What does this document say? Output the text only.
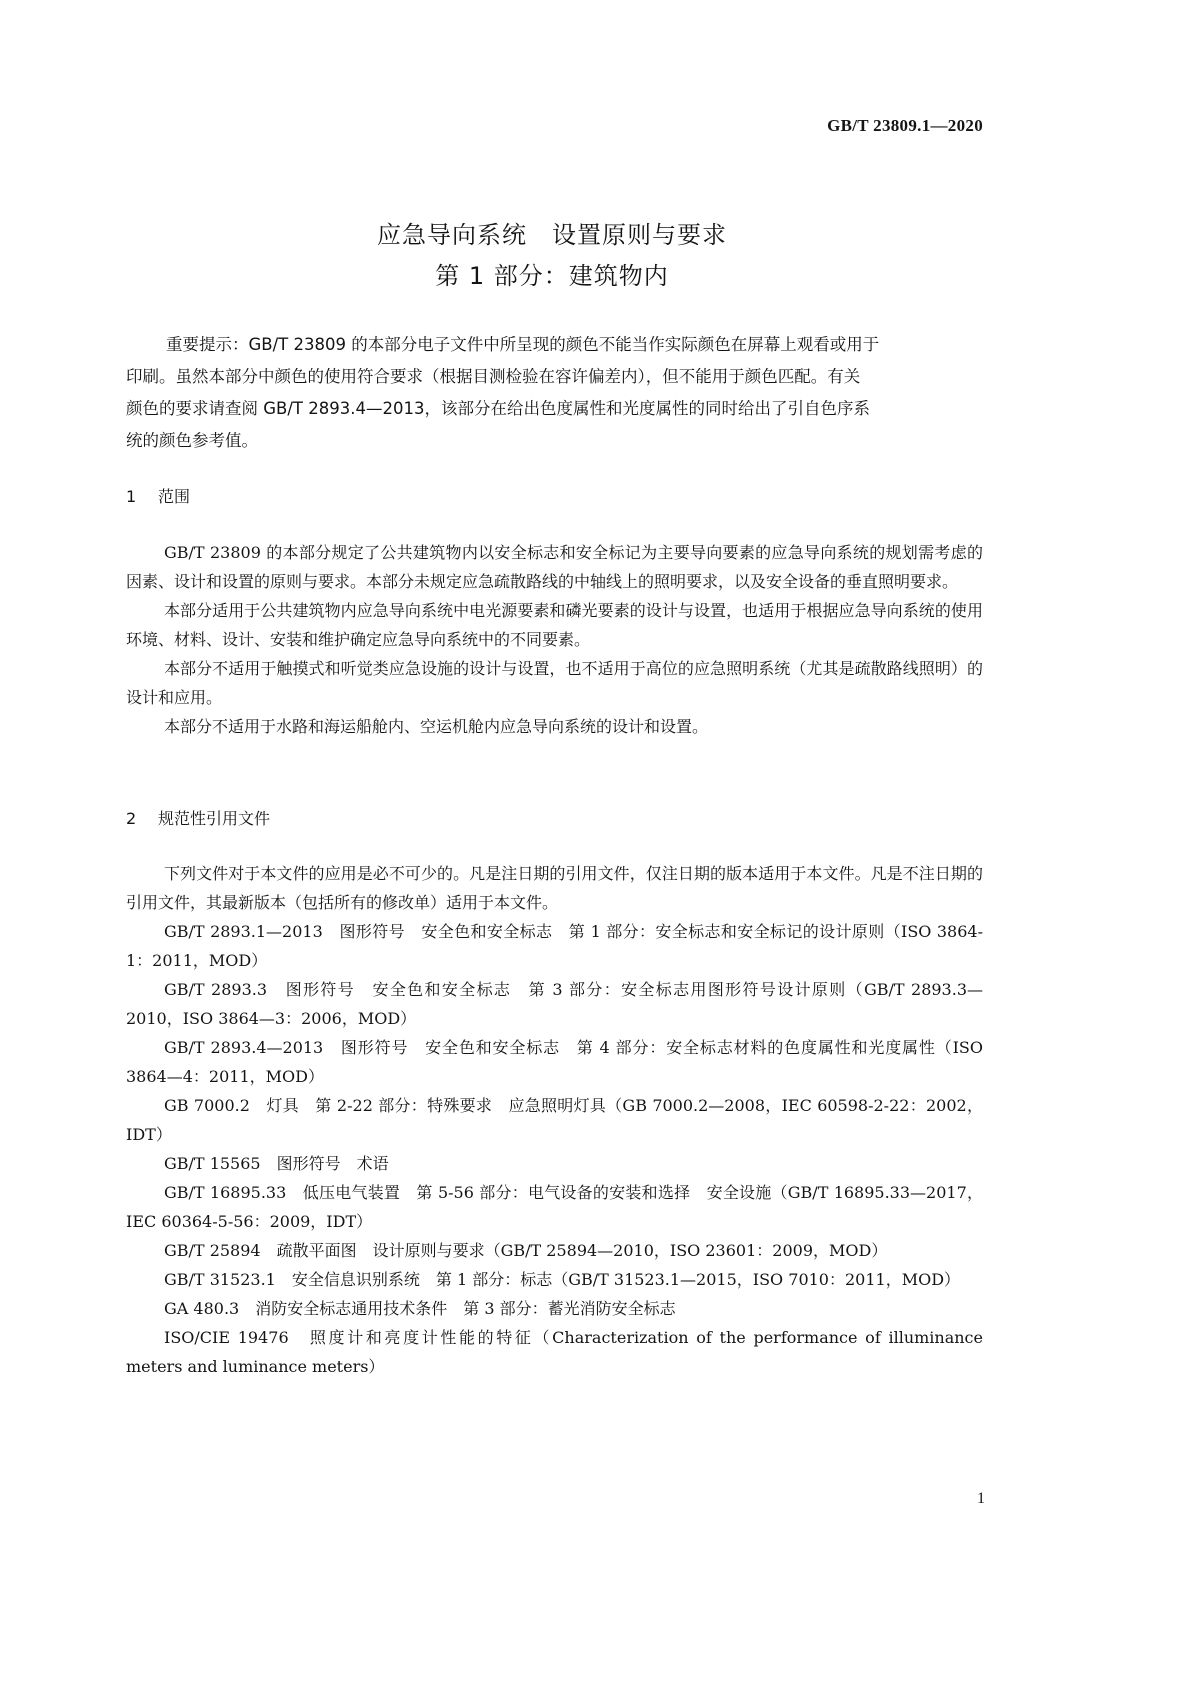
GB/T 23809.1—2020
应急导向系统　设置原则与要求
第 1 部分：建筑物内
重要提示：GB/T 23809 的本部分电子文件中所呈现的颜色不能当作实际颜色在屏幕上观看或用于
印刷。虽然本部分中颜色的使用符合要求（根据目测检验在容许偏差内），但不能用于颜色匹配。有关
颜色的要求请查阅 GB/T 2893.4—2013，该部分在给出色度属性和光度属性的同时给出了引自色序系
统的颜色参考值。
1 范围

GB/T 23809 的本部分规定了公共建筑物内以安全标志和安全标记为主要导向要素的应急导向系统的规划需考虑的因素、设计和设置的原则与要求。本部分未规定应急疏散路线的中轴线上的照明要求，以及安全设备的垂直照明要求。

本部分适用于公共建筑物内应急导向系统中电光源要素和磷光要素的设计与设置，也适用于根据应急导向系统的使用环境、材料、设计、安装和维护确定应急导向系统中的不同要素。

本部分不适用于触摸式和听觉类应急设施的设计与设置，也不适用于高位的应急照明系统（尤其是疏散路线照明）的设计和应用。

本部分不适用于水路和海运船舱内、空运机舱内应急导向系统的设计和设置。

2 规范性引用文件

下列文件对于本文件的应用是必不可少的。凡是注日期的引用文件，仅注日期的版本适用于本文件。凡是不注日期的引用文件，其最新版本（包括所有的修改单）适用于本文件。

GB/T 2893.1—2013　图形符号　安全色和安全标志　第 1 部分：安全标志和安全标记的设计原则（ISO 3864-1：2011，MOD）

GB/T 2893.3　图形符号　安全色和安全标志　第 3 部分：安全标志用图形符号设计原则（GB/T 2893.3—2010，ISO 3864—3：2006，MOD）

GB/T 2893.4—2013　图形符号　安全色和安全标志　第 4 部分：安全标志材料的色度属性和光度属性（ISO 3864—4：2011，MOD）

GB 7000.2　灯具　第 2-22 部分：特殊要求　应急照明灯具（GB 7000.2—2008，IEC 60598-2-22：2002，IDT）

GB/T 15565　图形符号　术语

GB/T 16895.33　低压电气装置　第 5-56 部分：电气设备的安装和选择　安全设施（GB/T 16895.33—2017，IEC 60364-5-56：2009，IDT）

GB/T 25894　疏散平面图　设计原则与要求（GB/T 25894—2010，ISO 23601：2009，MOD）

GB/T 31523.1　安全信息识别系统　第 1 部分：标志（GB/T 31523.1—2015，ISO 7010：2011，MOD）

GA 480.3　消防安全标志通用技术条件　第 3 部分：蓄光消防安全标志

ISO/CIE 19476　照度计和亮度计性能的特征（Characterization of the performance of illuminance meters and luminance meters）

1
